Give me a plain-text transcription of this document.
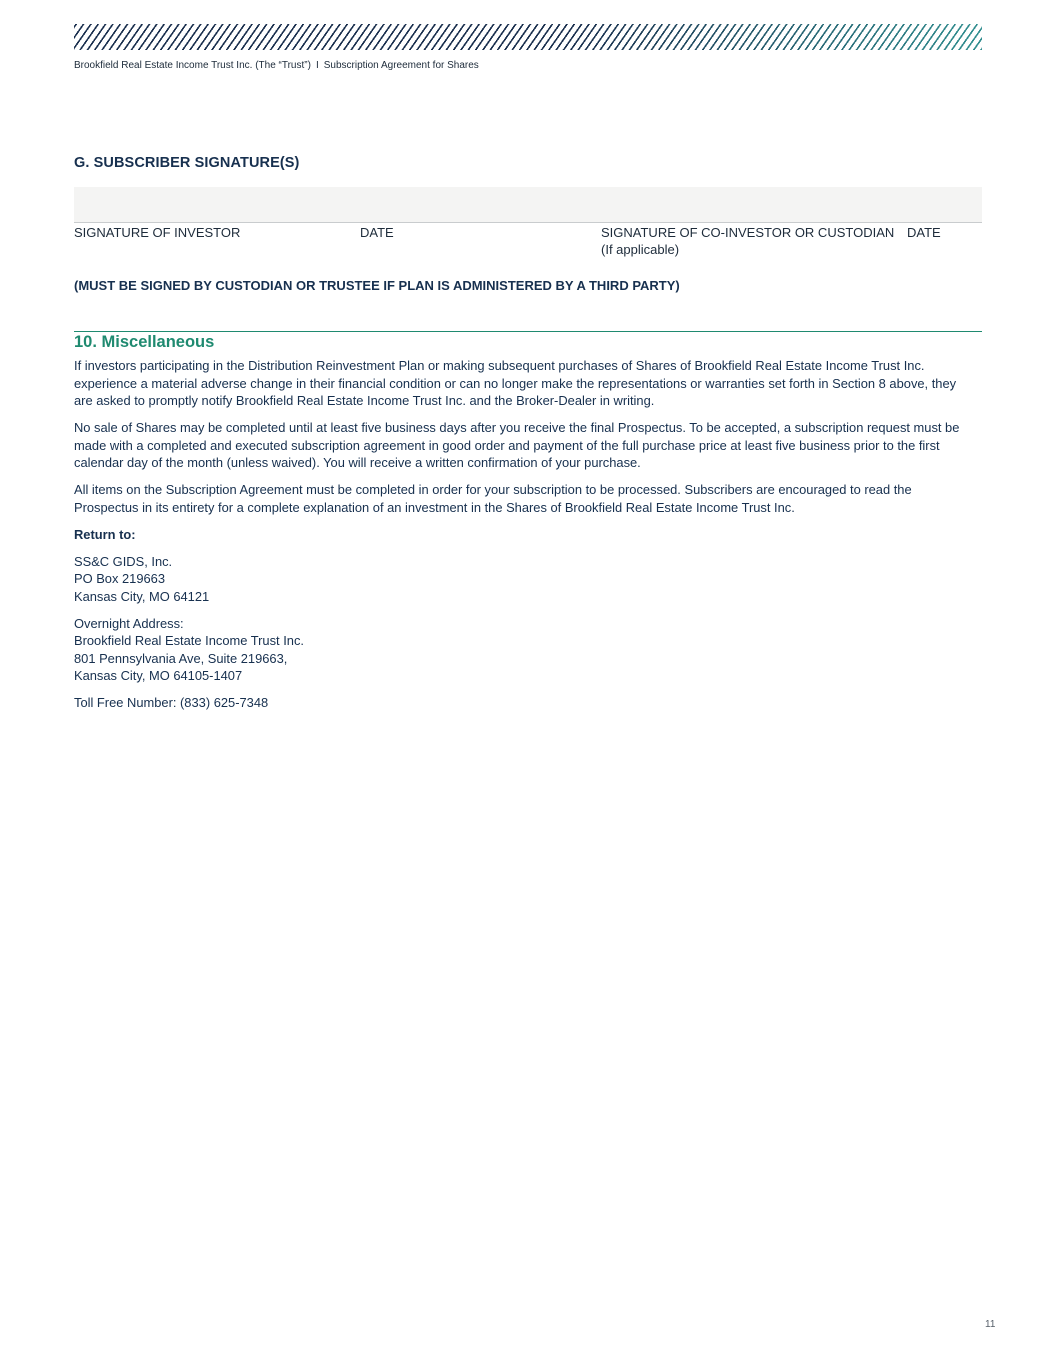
Brookfield Real Estate Income Trust Inc. (The “Trust”) I Subscription Agreement for Shares
G. SUBSCRIBER SIGNATURE(S)
SIGNATURE OF INVESTOR	DATE	SIGNATURE OF CO-INVESTOR OR CUSTODIAN
(If applicable)
DATE
(MUST BE SIGNED BY CUSTODIAN OR TRUSTEE IF PLAN IS ADMINISTERED BY A THIRD PARTY)
10. Miscellaneous

If investors participating in the Distribution Reinvestment Plan or making subsequent purchases of Shares of Brookfield Real Estate Income Trust Inc. experience a material adverse change in their financial condition or can no longer make the representations or warranties set forth in Section 8 above, they are asked to promptly notify Brookfield Real Estate Income Trust Inc. and the Broker-Dealer in writing.

No sale of Shares may be completed until at least five business days after you receive the final Prospectus. To be accepted, a subscription request must be made with a completed and executed subscription agreement in good order and payment of the full purchase price at least five business prior to the first calendar day of the month (unless waived). You will receive a written confirmation of your purchase.

All items on the Subscription Agreement must be completed in order for your subscription to be processed. Subscribers are encouraged to read the Prospectus in its entirety for a complete explanation of an investment in the Shares of Brookfield Real Estate Income Trust Inc.

Return to:

SS&C GIDS, Inc.
PO Box 219663
Kansas City, MO 64121

Overnight Address:
Brookfield Real Estate Income Trust Inc.
801 Pennsylvania Ave, Suite 219663,
Kansas City, MO 64105-1407

Toll Free Number: (833) 625-7348

11
